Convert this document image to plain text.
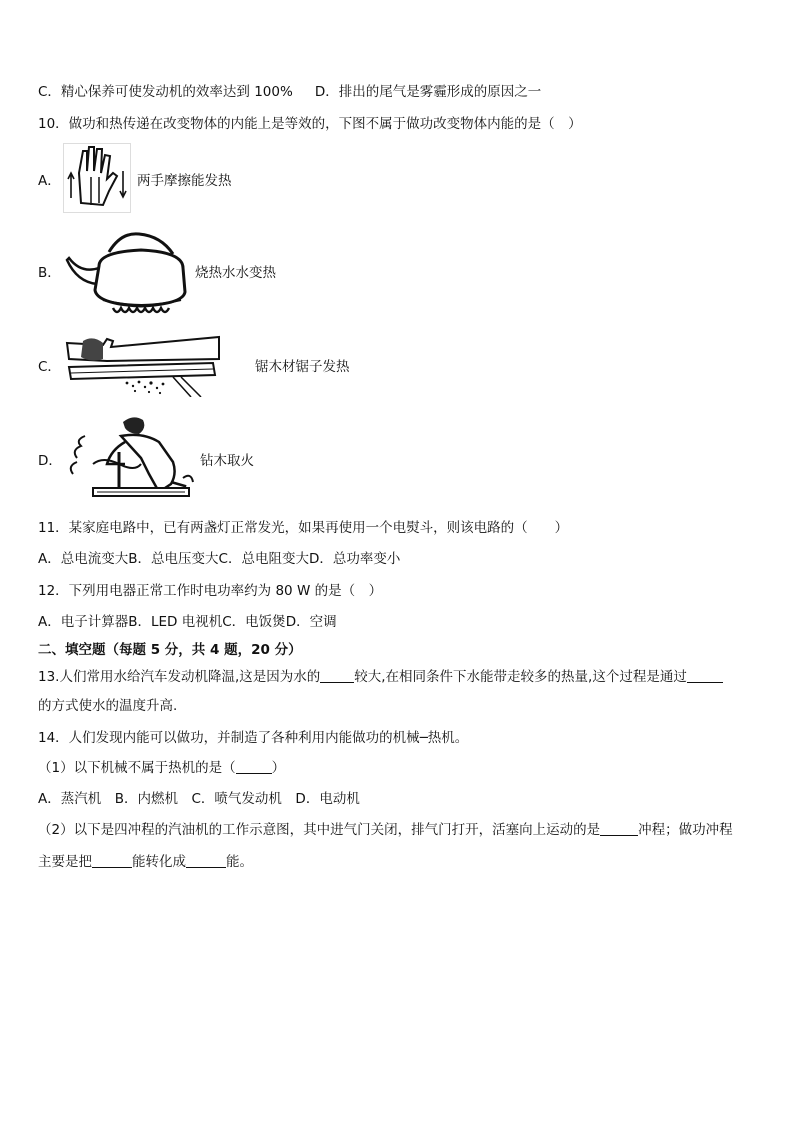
C．精心保养可使发动机的效率达到 100% D．排出的尾气是雾霾形成的原因之一
10．做功和热传递在改变物体的内能上是等效的，下图不属于做功改变物体内能的是（　）
A．	两手摩擦能发热
B．	烧热水水变热
C．	锯木材锯子发热
D．	钻木取火
11．某家庭电路中，已有两盏灯正常发光，如果再使用一个电熨斗，则该电路的（　　）
A．总电流变大B．总电压变大C．总电阻变大D．总功率变小
12．下列用电器正常工作时电功率约为 80 W 的是（　）
A．电子计算器B．LED 电视机C．电饭煲D．空调
二、填空题（每题 5 分，共 4 题，20 分）
13.人们常用水给汽车发动机降温,这是因为水的	较大,在相同条件下水能带走较多的热量,这个过程是通过
的方式使水的温度升高.
14．人们发现内能可以做功，并制造了各种利用内能做功的机械─热机。
（1）以下机械不属于热机的是（	）
A．蒸汽机　B．内燃机　C．喷气发动机　D．电动机
（2）以下是四冲程的汽油机的工作示意图，其中进气门关闭，排气门打开，活塞向上运动的是	冲程；做功冲程
主要是把	能转化成	能。
